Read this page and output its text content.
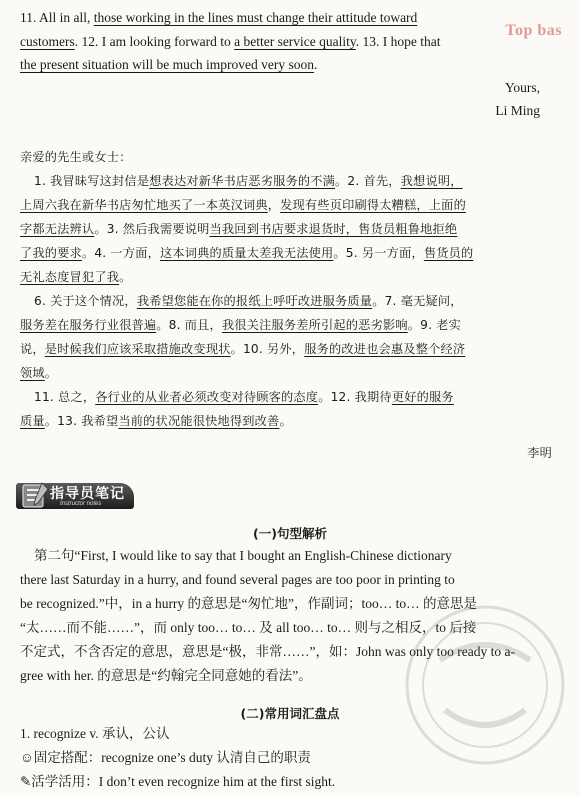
Top bas

11. All in all, those working in the lines must change their attitude toward

customers. 12. I am looking forward to a better service quality. 13. I hope that

the present situation will be much improved very soon.

Yours,

Li Ming

亲爱的先生或女士：

1. 我冒昧写这封信是想表达对新华书店恶劣服务的不满。2. 首先，我想说明，

上周六我在新华书店匆忙地买了一本英汉词典，发现有些页印刷得太糟糕，上面的

字都无法辨认。3. 然后我需要说明当我回到书店要求退货时，售货员粗鲁地拒绝

了我的要求。4. 一方面，这本词典的质量太差我无法使用。5. 另一方面，售货员的

无礼态度冒犯了我。

6. 关于这个情况，我希望您能在你的报纸上呼吁改进服务质量。7. 毫无疑问，

服务差在服务行业很普遍。8. 而且，我很关注服务差所引起的恶劣影响。9. 老实

说，是时候我们应该采取措施改变现状。10. 另外，服务的改进也会惠及整个经济

领域。

11. 总之，各行业的从业者必须改变对待顾客的态度。12. 我期待更好的服务

质量。13. 我希望当前的状况能很快地得到改善。

李明

指导员笔记
Instructor notes
(一)句型解析

第二句“First, I would like to say that I bought an English-Chinese dictionary

there last Saturday in a hurry, and found several pages are too poor in printing to

be recognized.”中，in a hurry 的意思是“匆忙地”，作副词；too… to… 的意思是

“太……而不能……”，而 only too… to… 及 all too… to… 则与之相反，to 后接

不定式，不含否定的意思，意思是“极，非常……”，如：John was only too ready to a-

gree with her. 的意思是“约翰完全同意她的看法”。

(二)常用词汇盘点

1. recognize v. 承认，公认

☺固定搭配：recognize one’s duty 认清自己的职责

✎活学活用：I don’t even recognize him at the first sight.
